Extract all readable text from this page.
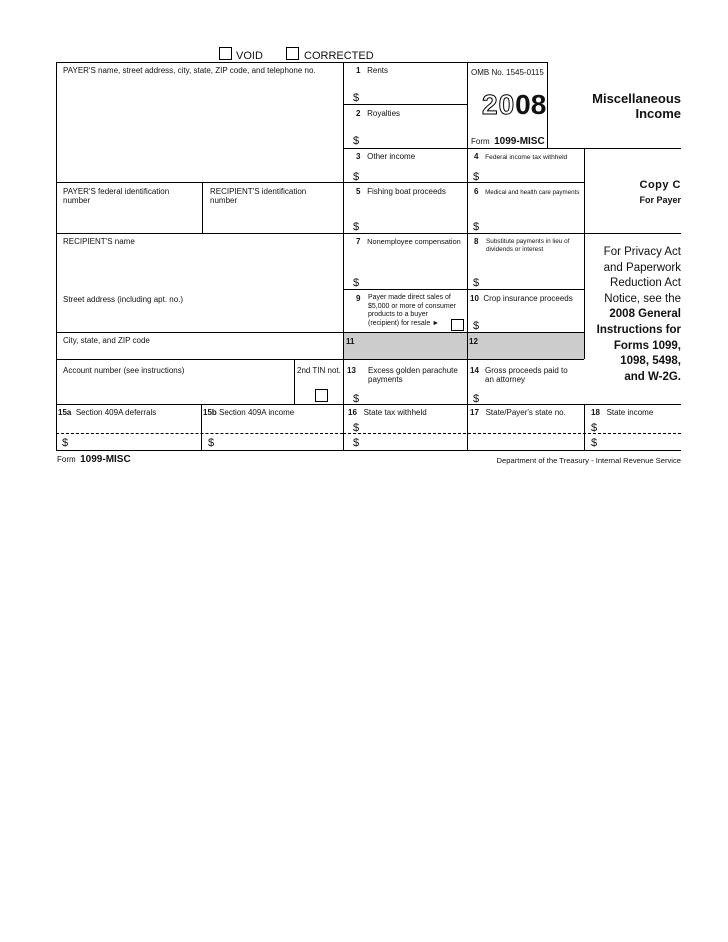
VOID	CORRECTED
PAYER'S name, street address, city, state, ZIP code, and telephone no.
PAYER'S federal identification number
RECIPIENT'S identification number
RECIPIENT'S name
Street address (including apt. no.)
City, state, and ZIP code
Account number (see instructions)	2nd TIN not.
1 Rents
$
2 Royalties
$
OMB No. 1545-0115
2008
Form 1099-MISC
Miscellaneous
Income
3 Other income
$
4 Federal income tax withheld
$
Copy C
For Payer
5 Fishing boat proceeds
$
6 Medical and health care payments
$
7 Nonemployee compensation
$
8 Substitute payments in lieu of
dividends or interest
$
For Privacy Act
and Paperwork
Reduction Act
Notice, see the
2008 General
Instructions for
Forms 1099,
1098, 5498,
and W-2G.
9 Payer made direct sales of
$5,000 or more of consumer
products to a buyer
(recipient) for resale ►
10 Crop insurance proceeds
$
11	12
13 Excess golden parachute
payments
$
14 Gross proceeds paid to
an attorney
$
15a Section 409A deferrals
$
15b Section 409A income
$
16 State tax withheld
$
$
17 State/Payer's state no.	18 State income
$
$
Form 1099-MISC	Department of the Treasury - Internal Revenue Service
